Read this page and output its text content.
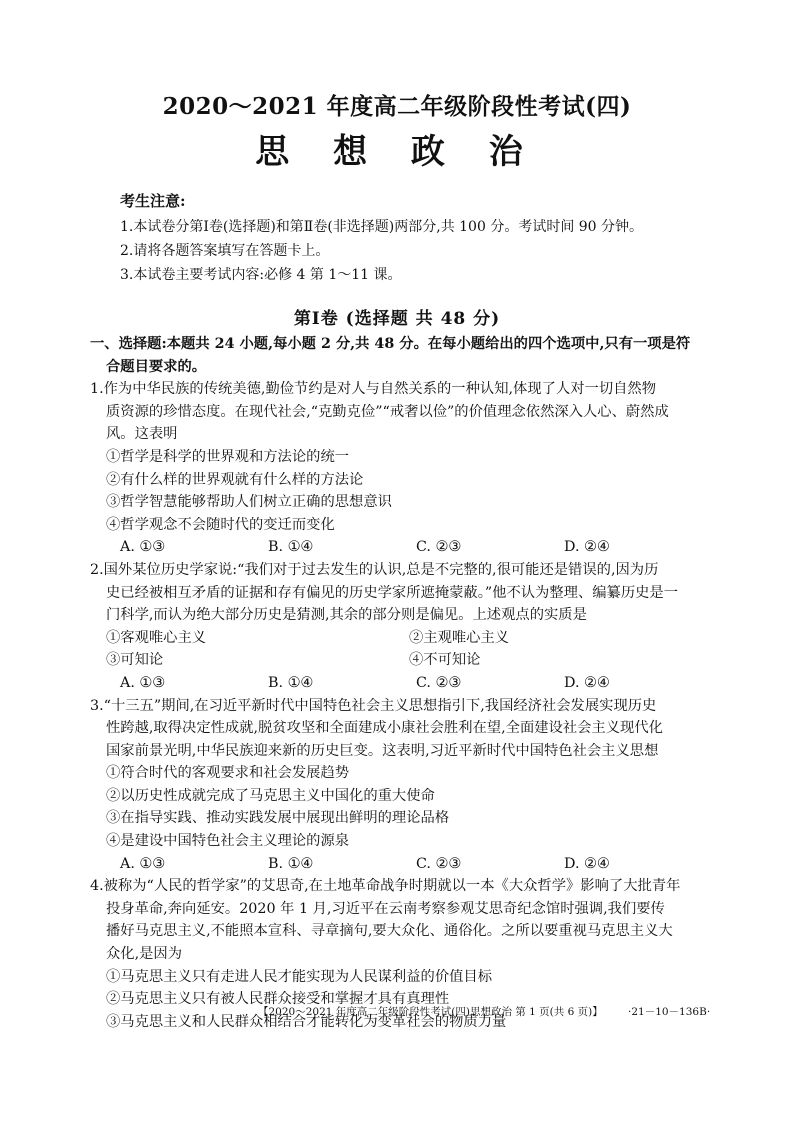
2020～2021 年度高二年级阶段性考试(四)
思 想 政 治
考生注意:
1.本试卷分第Ⅰ卷(选择题)和第Ⅱ卷(非选择题)两部分,共 100 分。考试时间 90 分钟。
2.请将各题答案填写在答题卡上。
3.本试卷主要考试内容:必修 4 第 1～11 课。
第Ⅰ卷 (选择题 共 48 分)
一、选择题:本题共 24 小题,每小题 2 分,共 48 分。在每小题给出的四个选项中,只有一项是符
合题目要求的。
1.作为中华民族的传统美德,勤俭节约是对人与自然关系的一种认知,体现了人对一切自然物
质资源的珍惜态度。在现代社会,“克勤克俭”“戒奢以俭”的价值理念依然深入人心、蔚然成
风。这表明
①哲学是科学的世界观和方法论的统一
②有什么样的世界观就有什么样的方法论
③哲学智慧能够帮助人们树立正确的思想意识
④哲学观念不会随时代的变迁而变化
A. ①③	B. ①④	C. ②③	D. ②④
2.国外某位历史学家说:“我们对于过去发生的认识,总是不完整的,很可能还是错误的,因为历
史已经被相互矛盾的证据和存有偏见的历史学家所遮掩蒙蔽。”他不认为整理、编纂历史是一
门科学,而认为绝大部分历史是猜测,其余的部分则是偏见。上述观点的实质是
①客观唯心主义	②主观唯心主义
③可知论	④不可知论
A. ①③	B. ①④	C. ②③	D. ②④
3.“十三五”期间,在习近平新时代中国特色社会主义思想指引下,我国经济社会发展实现历史
性跨越,取得决定性成就,脱贫攻坚和全面建成小康社会胜利在望,全面建设社会主义现代化
国家前景光明,中华民族迎来新的历史巨变。这表明,习近平新时代中国特色社会主义思想
①符合时代的客观要求和社会发展趋势
②以历史性成就完成了马克思主义中国化的重大使命
③在指导实践、推动实践发展中展现出鲜明的理论品格
④是建设中国特色社会主义理论的源泉
A. ①③	B. ①④	C. ②③	D. ②④
4.被称为“人民的哲学家”的艾思奇,在土地革命战争时期就以一本《大众哲学》影响了大批青年
投身革命,奔向延安。2020 年 1 月,习近平在云南考察参观艾思奇纪念馆时强调,我们要传
播好马克思主义,不能照本宣科、寻章摘句,要大众化、通俗化。之所以要重视马克思主义大
众化,是因为
①马克思主义只有走进人民才能实现为人民谋利益的价值目标
②马克思主义只有被人民群众接受和掌握才具有真理性
③马克思主义和人民群众相结合才能转化为变革社会的物质力量
【2020～2021 年度高二年级阶段性考试(四)思想政治 第 1 页(共 6 页)】 ·21－10－136B·
